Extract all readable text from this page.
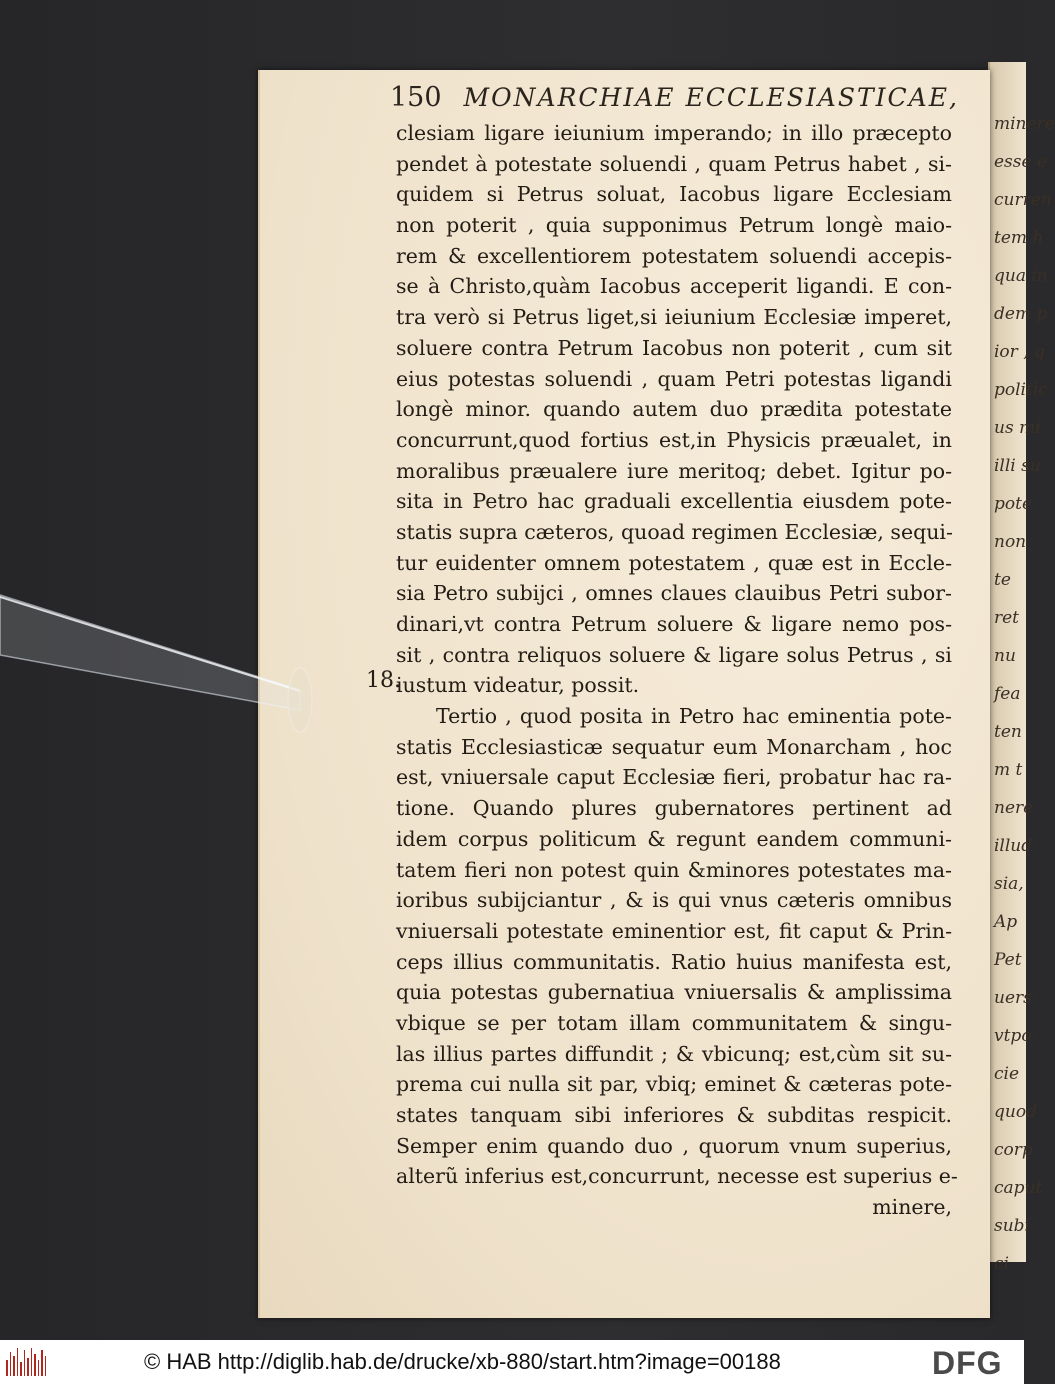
minere
esse e
curren
tem h
qua in
dem p
ior , q
politic
us mi
illi su
pote
non
te
ret
nu
fea
ten
m t
nere
illud
sia,
Ap
Pet
uers
vtpo
cie
quod
corp
caput
subi
ci
150 MONARCHIAE ECCLESIASTICAE,
18.
clesiam ligare ieiunium imperando; in illo præcepto
pendet à potestate soluendi , quam Petrus habet , si-
quidem si Petrus soluat, Iacobus ligare Ecclesiam
non poterit , quia supponimus Petrum longè maio-
rem & excellentiorem potestatem soluendi accepis-
se à Christo,quàm Iacobus acceperit ligandi. E con-
tra verò si Petrus liget,si ieiunium Ecclesiæ imperet,
soluere contra Petrum Iacobus non poterit , cum sit
eius potestas soluendi , quam Petri potestas ligandi
longè minor. quando autem duo prædita potestate
concurrunt,quod fortius est,in Physicis præualet, in
moralibus præualere iure meritoq; debet. Igitur po-
sita in Petro hac graduali excellentia eiusdem pote-
statis supra cæteros, quoad regimen Ecclesiæ, sequi-
tur euidenter omnem potestatem , quæ est in Eccle-
sia Petro subijci , omnes claues clauibus Petri subor-
dinari,vt contra Petrum soluere & ligare nemo pos-
sit , contra reliquos soluere & ligare solus Petrus , si
iustum videatur, possit.
Tertio , quod posita in Petro hac eminentia pote-
statis Ecclesiasticæ sequatur eum Monarcham , hoc
est, vniuersale caput Ecclesiæ fieri, probatur hac ra-
tione. Quando plures gubernatores pertinent ad
idem corpus politicum & regunt eandem communi-
tatem fieri non potest quin &minores potestates ma-
ioribus subijciantur , & is qui vnus cæteris omnibus
vniuersali potestate eminentior est, fit caput & Prin-
ceps illius communitatis. Ratio huius manifesta est,
quia potestas gubernatiua vniuersalis & amplissima
vbique se per totam illam communitatem & singu-
las illius partes diffundit ; & vbicunq; est,cùm sit su-
prema cui nulla sit par, vbiq; eminet & cæteras pote-
states tanquam sibi inferiores & subditas respicit.
Semper enim quando duo , quorum vnum superius,
alterũ inferius est,concurrunt, necesse est superius e-
minere,
© HAB http://diglib.hab.de/drucke/xb-880/start.htm?image=00188	DFG
